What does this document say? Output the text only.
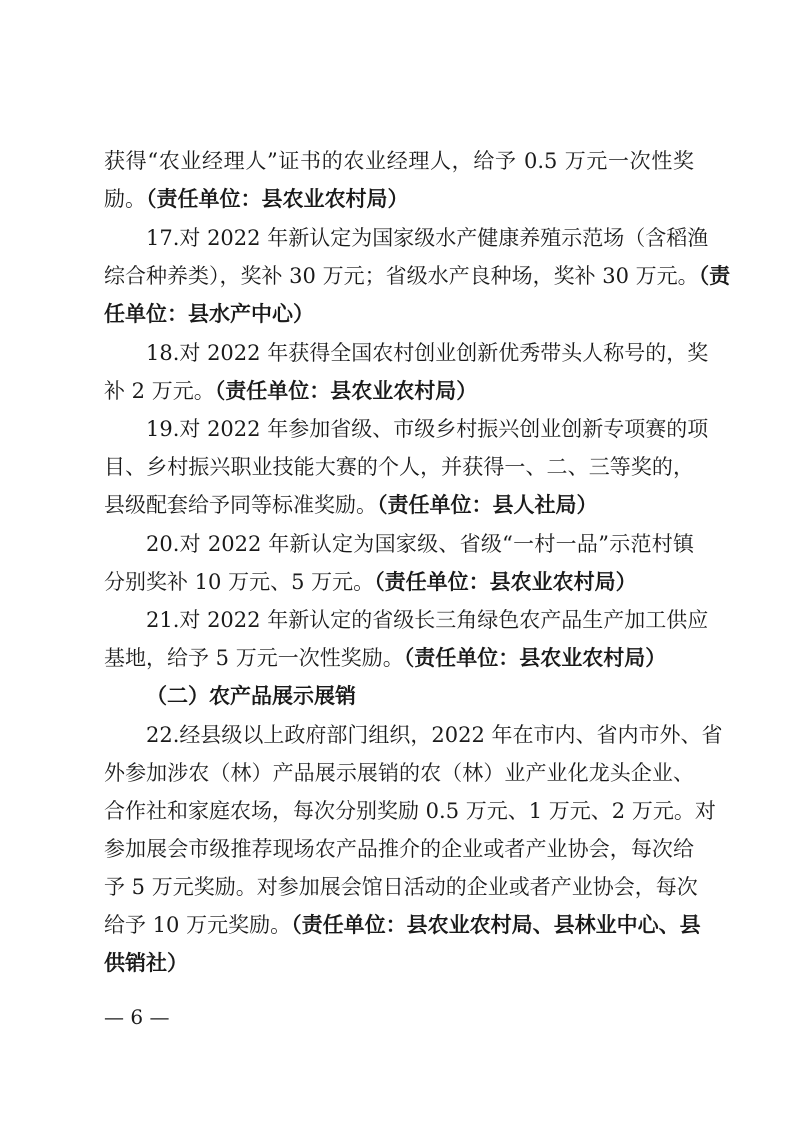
获得“农业经理人”证书的农业经理人，给予 0.5 万元一次性奖
励。（责任单位：县农业农村局）
17.对 2022 年新认定为国家级水产健康养殖示范场（含稻渔
综合种养类），奖补 30 万元；省级水产良种场，奖补 30 万元。（责
任单位：县水产中心）
18.对 2022 年获得全国农村创业创新优秀带头人称号的，奖
补 2 万元。（责任单位：县农业农村局）
19.对 2022 年参加省级、市级乡村振兴创业创新专项赛的项
目、乡村振兴职业技能大赛的个人，并获得一、二、三等奖的，
县级配套给予同等标准奖励。（责任单位：县人社局）
20.对 2022 年新认定为国家级、省级“一村一品”示范村镇
分别奖补 10 万元、5 万元。（责任单位：县农业农村局）
21.对 2022 年新认定的省级长三角绿色农产品生产加工供应
基地，给予 5 万元一次性奖励。（责任单位：县农业农村局）
（二）农产品展示展销
22.经县级以上政府部门组织，2022 年在市内、省内市外、省
外参加涉农（林）产品展示展销的农（林）业产业化龙头企业、
合作社和家庭农场，每次分别奖励 0.5 万元、1 万元、2 万元。对
参加展会市级推荐现场农产品推介的企业或者产业协会，每次给
予 5 万元奖励。对参加展会馆日活动的企业或者产业协会，每次
给予 10 万元奖励。（责任单位：县农业农村局、县林业中心、县
供销社）
— 6 —
